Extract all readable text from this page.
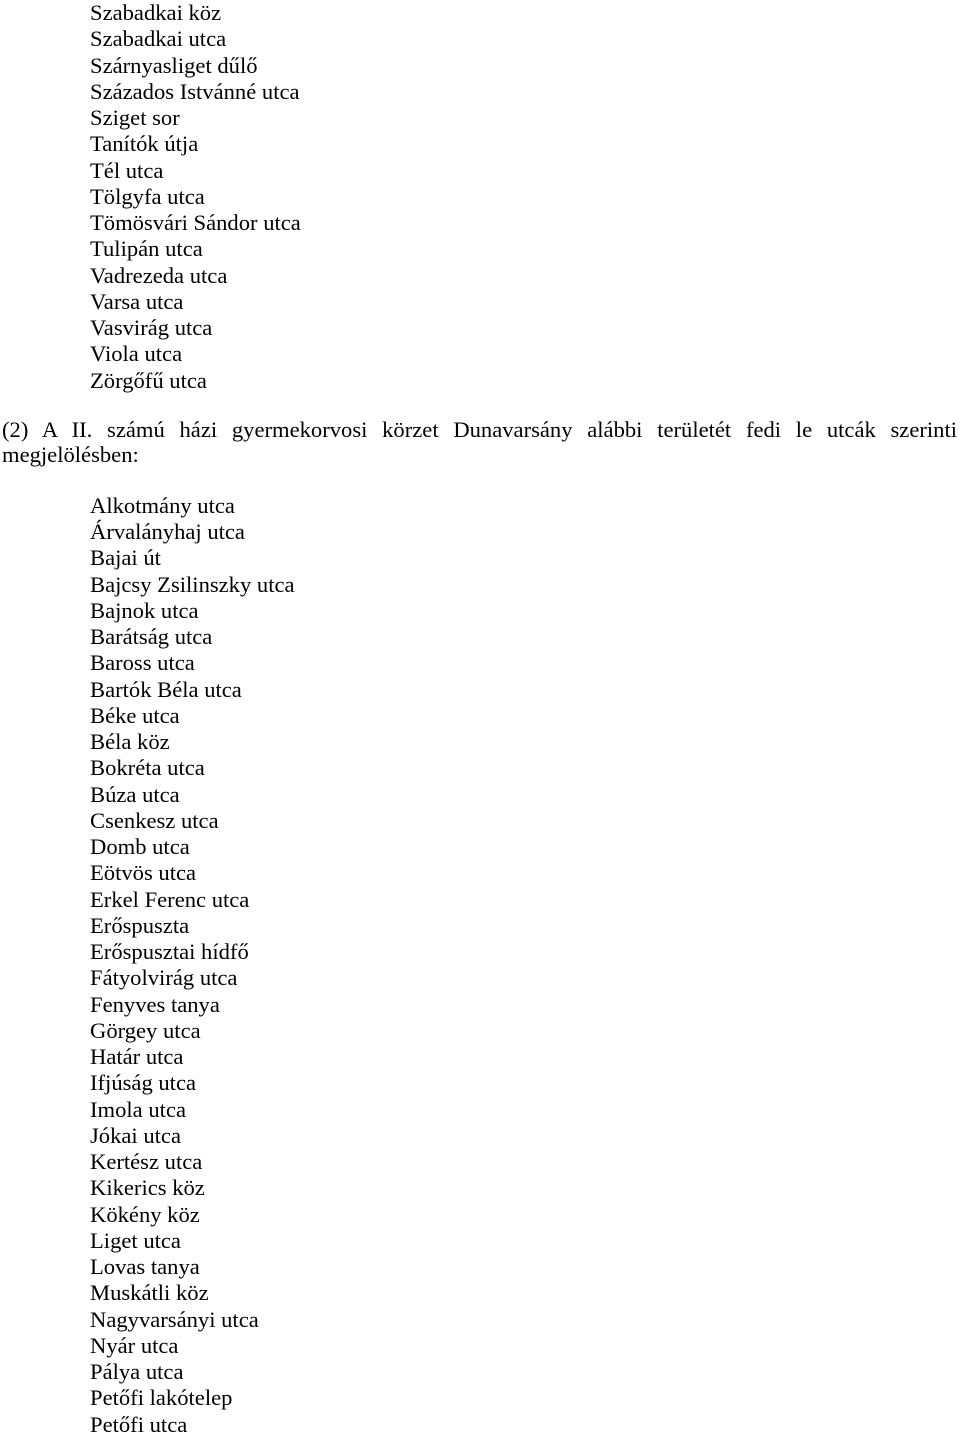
Szabadkai köz
Szabadkai utca
Szárnyasliget dűlő
Százados Istvánné utca
Sziget sor
Tanítók útja
Tél utca
Tölgyfa utca
Tömösvári Sándor utca
Tulipán utca
Vadrezeda utca
Varsa utca
Vasvirág utca
Viola utca
Zörgőfű utca

(2) A II. számú házi gyermekorvosi körzet Dunavarsány alábbi területét fedi le utcák szerinti megjelölésben:

Alkotmány utca
Árvalányhaj utca
Bajai út
Bajcsy Zsilinszky utca
Bajnok utca
Barátság utca
Baross utca
Bartók Béla utca
Béke utca
Béla köz
Bokréta utca
Búza utca
Csenkesz utca
Domb utca
Eötvös utca
Erkel Ferenc utca
Erőspuszta
Erőspusztai hídfő
Fátyolvirág utca
Fenyves tanya
Görgey utca
Határ utca
Ifjúság utca
Imola utca
Jókai utca
Kertész utca
Kikerics köz
Kökény köz
Liget utca
Lovas tanya
Muskátli köz
Nagyvarsányi utca
Nyár utca
Pálya utca
Petőfi lakótelep
Petőfi utca
